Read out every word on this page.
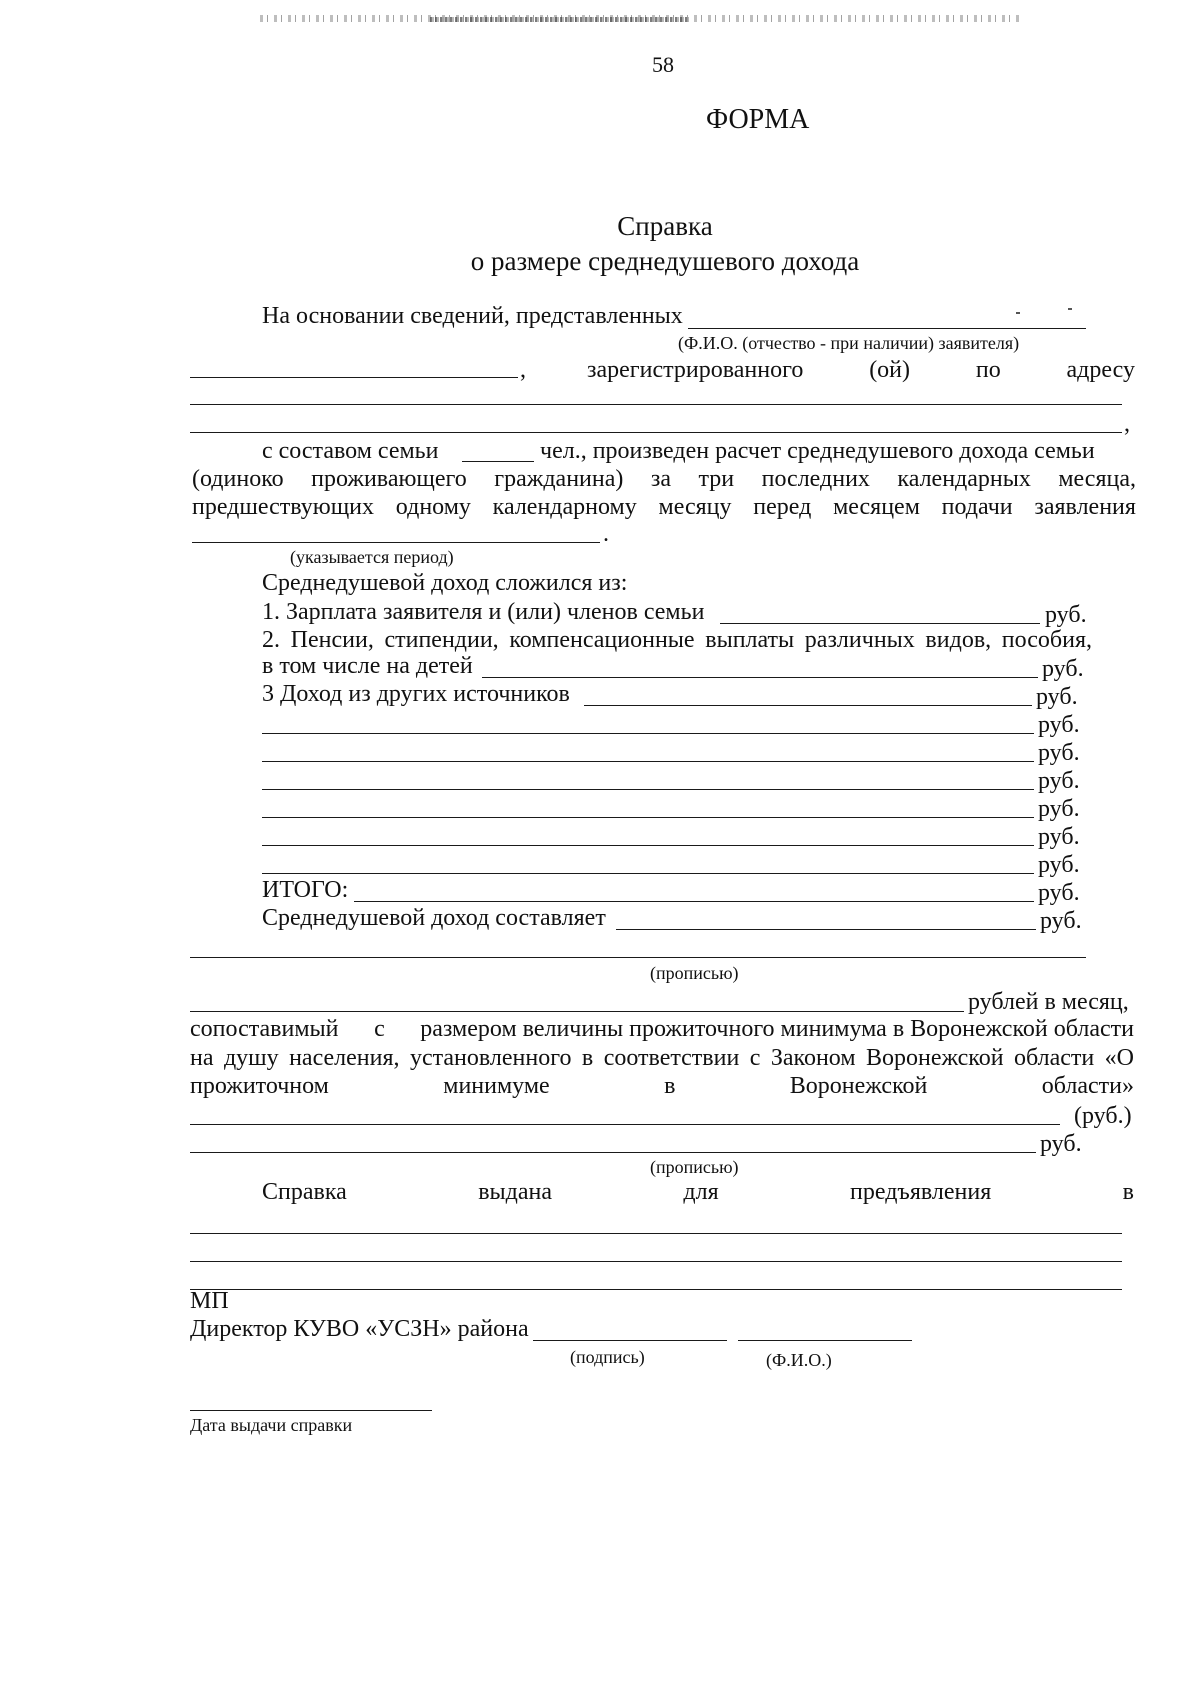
58
ФОРМА
Справка
о размере среднедушевого дохода
На основании сведений, представленных
(Ф.И.О. (отчество - при наличии) заявителя)
,	зарегистрированного	(ой)	по	адресу
,
с составом семьи	чел., произведен расчет среднедушевого дохода семьи
(одиноко проживающего гражданина) за три последних календарных месяца,
предшествующих одному календарному месяцу перед месяцем подачи заявления
.
(указывается период)
Среднедушевой доход сложился из:
1. Зарплата заявителя и (или) членов семьи	руб.
2. Пенсии, стипендии, компенсационные выплаты различных видов, пособия,
в том числе на детей	руб.
3 Доход из других источников	руб.
руб.
руб.
руб.
руб.
руб.
руб.
ИТОГО:	руб.
Среднедушевой доход составляет	руб.
(прописью)
рублей в месяц,
сопоставимый с размером величины прожиточного минимума в Воронежской области
на душу населения, установленного в соответствии с Законом Воронежской области «О
прожиточном	минимуме	в	Воронежской	области»
(руб.)
руб.
(прописью)
Справка	выдана	для	предъявления	в
МП
Директор КУВО «УСЗН» района
(подпись)	(Ф.И.О.)
Дата выдачи справки
